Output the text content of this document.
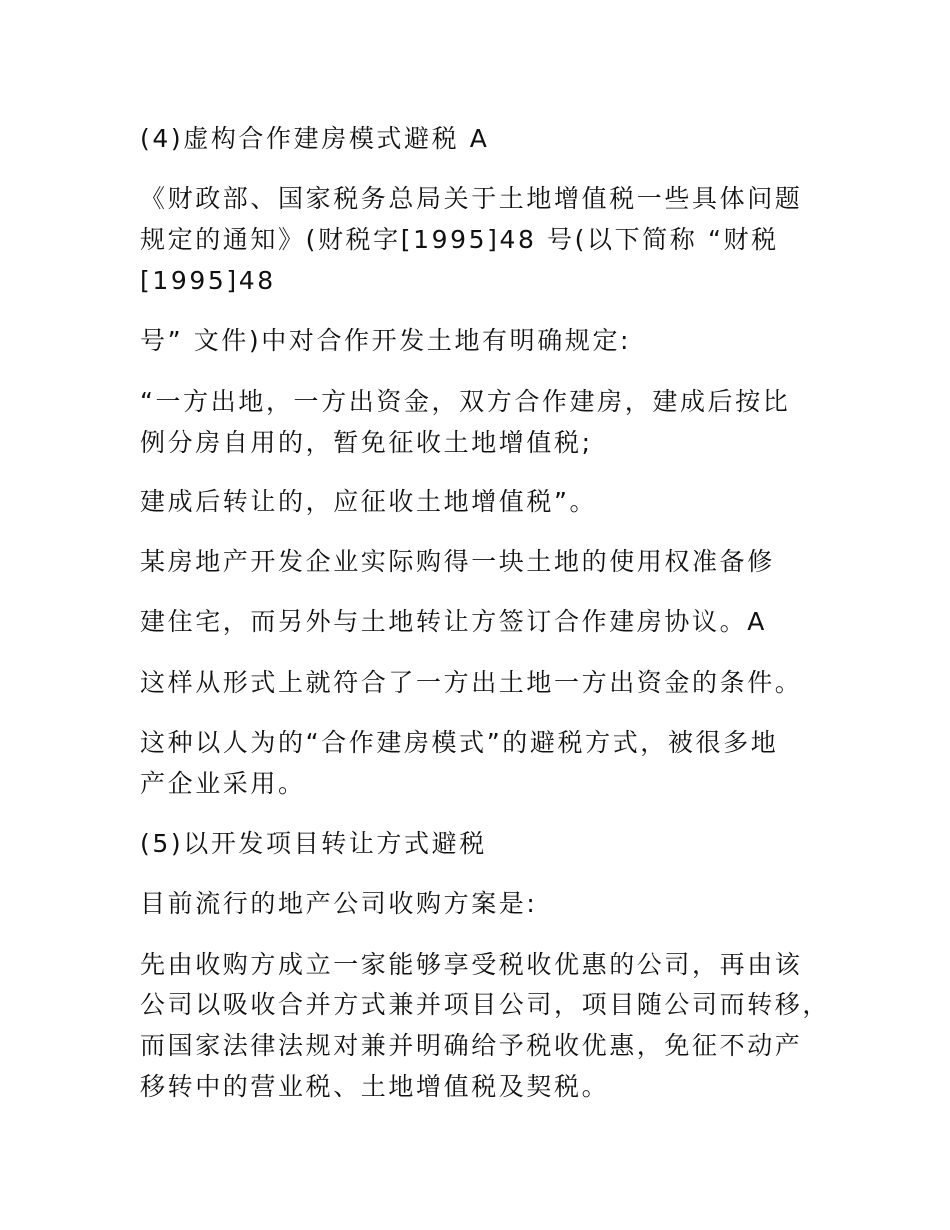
(4)虚构合作建房模式避税 A

《财政部、国家税务总局关于土地增值税一些具体问题

规定的通知》(财税字[1995]48 号(以下简称 “财税

[1995]48

号” 文件)中对合作开发土地有明确规定:

“一方出地，一方出资金，双方合作建房，建成后按比

例分房自用的，暂免征收土地增值税;

建成后转让的，应征收土地增值税”。

某房地产开发企业实际购得一块土地的使用权准备修

建住宅，而另外与土地转让方签订合作建房协议。A

这样从形式上就符合了一方出土地一方出资金的条件。

这种以人为的“合作建房模式”的避税方式，被很多地

产企业采用。

(5)以开发项目转让方式避税

目前流行的地产公司收购方案是:

先由收购方成立一家能够享受税收优惠的公司，再由该

公司以吸收合并方式兼并项目公司，项目随公司而转移，

而国家法律法规对兼并明确给予税收优惠，免征不动产

移转中的营业税、土地增值税及契税。
